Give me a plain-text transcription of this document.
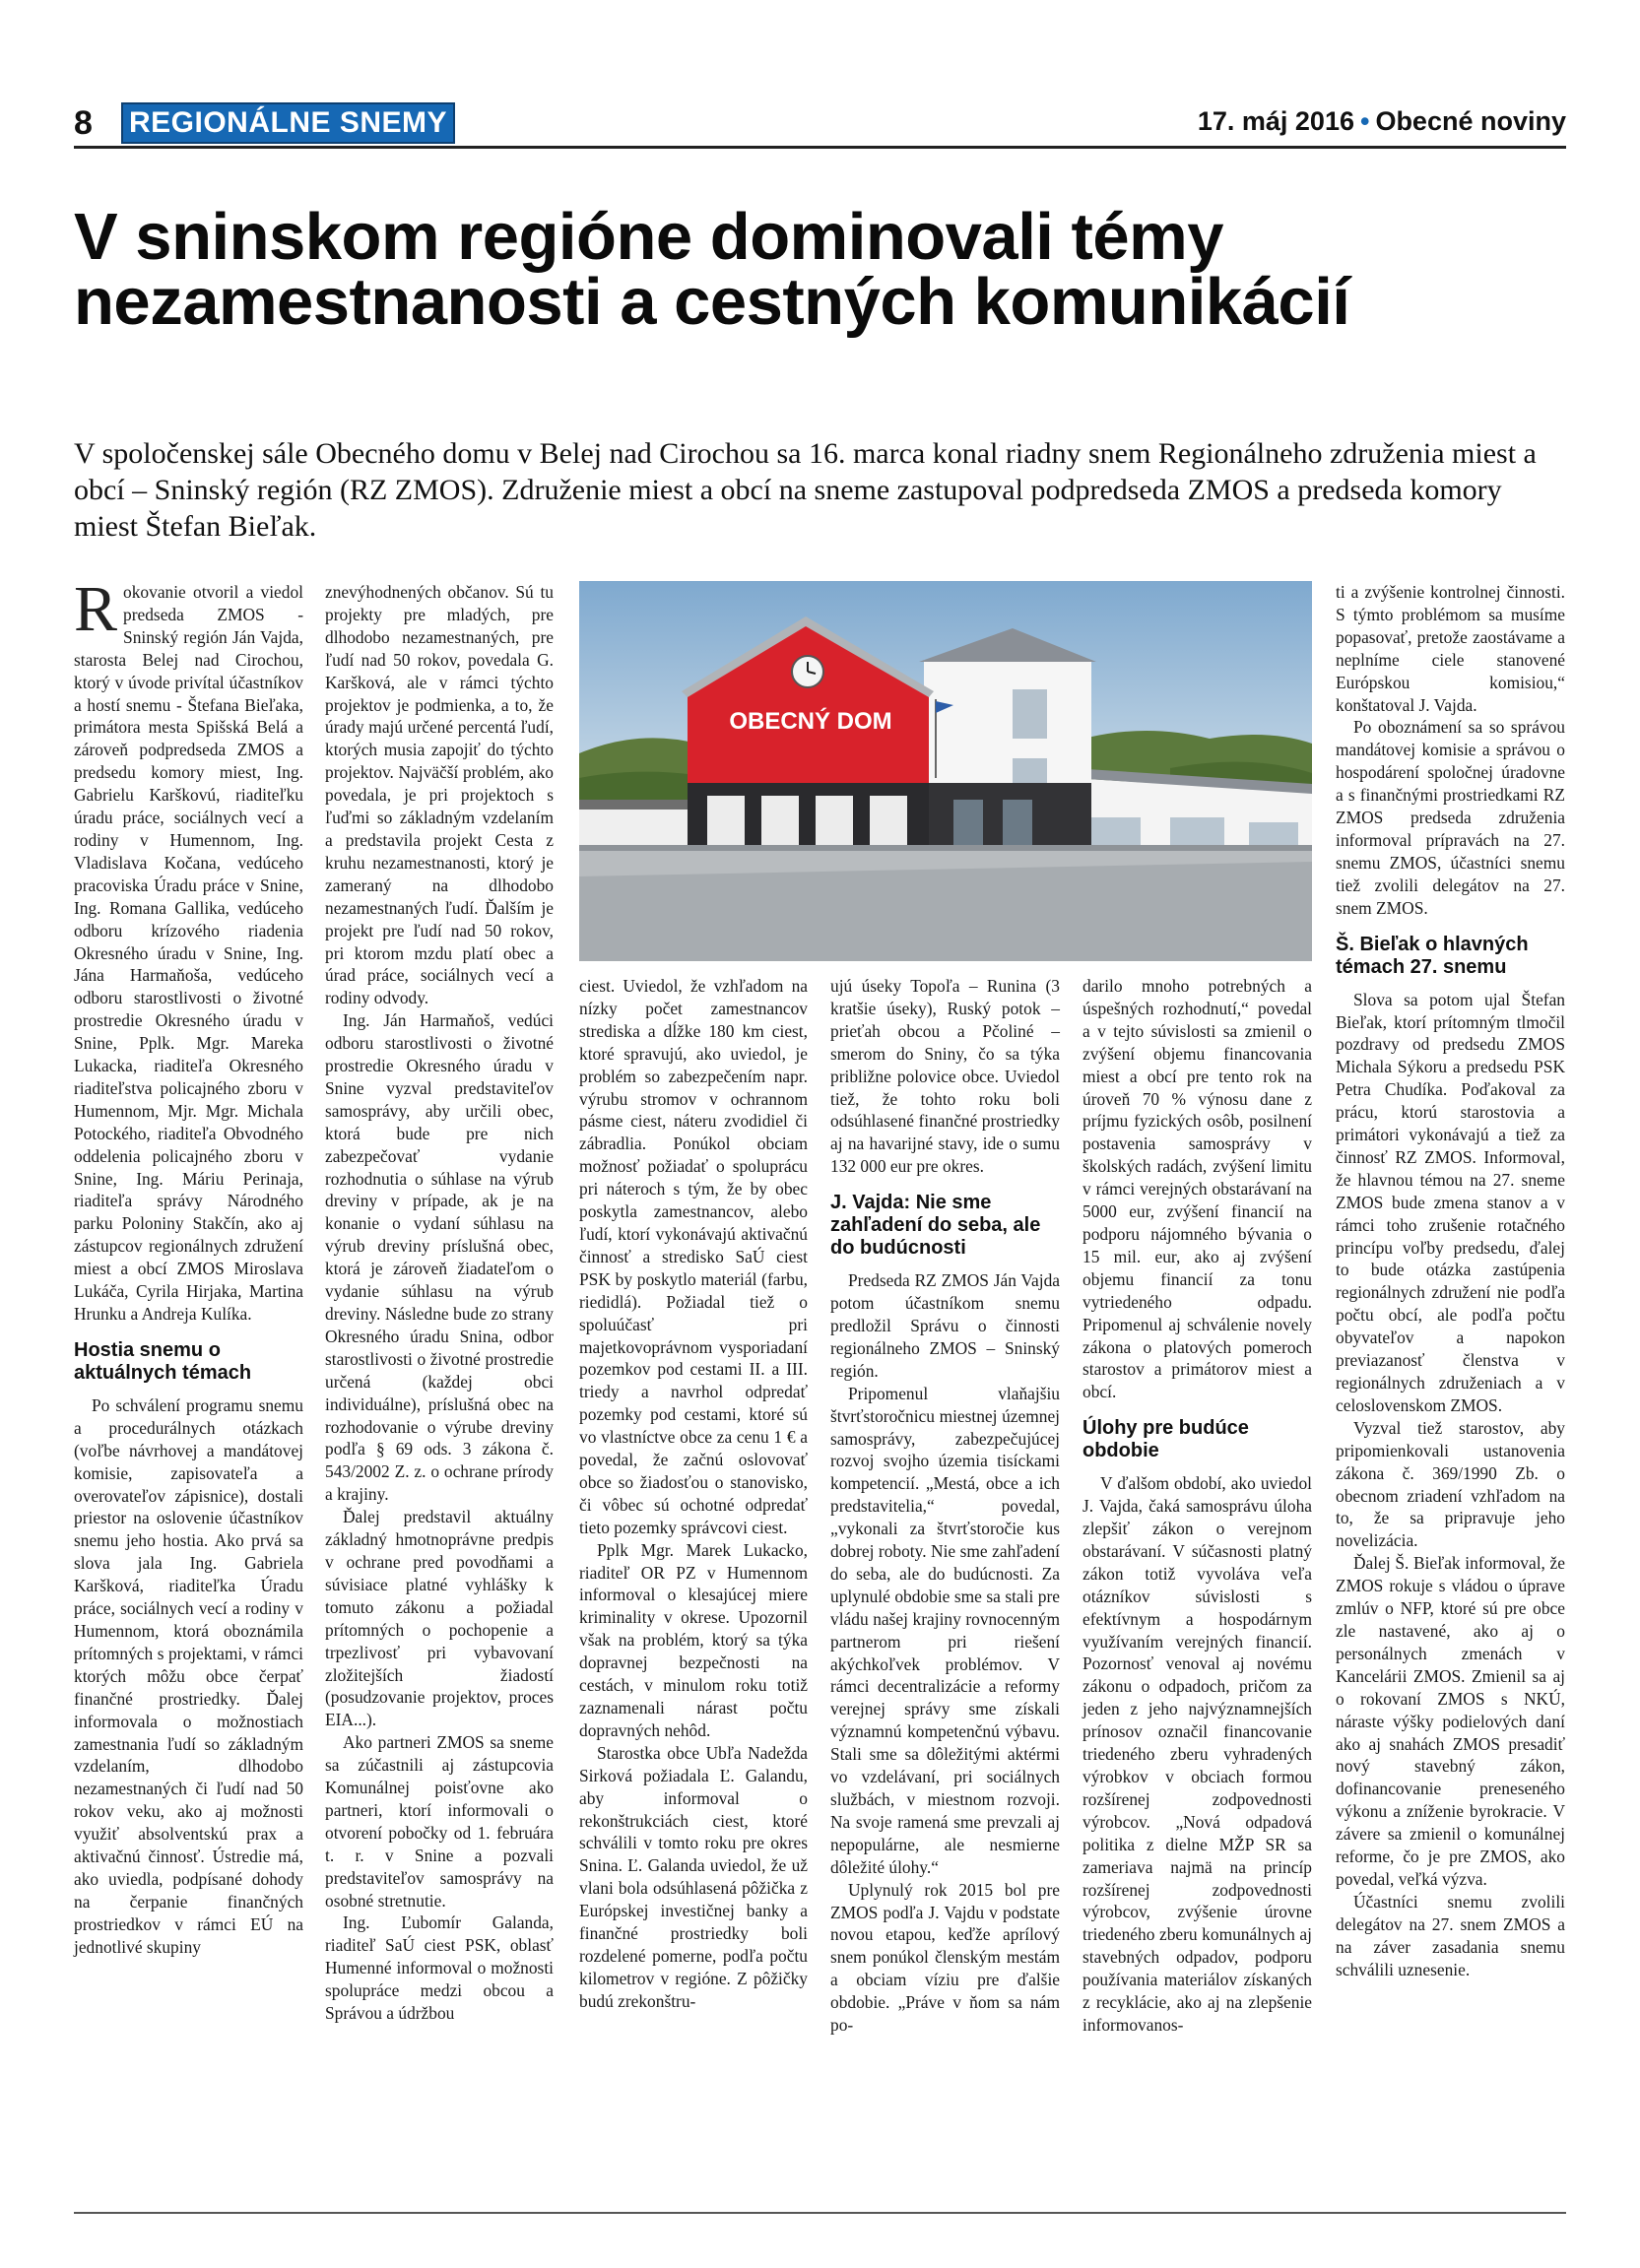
8 REGIONÁLNE SNEMY	17. máj 2016 • Obecné noviny
V sninskom regióne dominovali témy nezamestnanosti a cestných komunikácií

V spoločenskej sále Obecného domu v Belej nad Cirochou sa 16. marca konal riadny snem Regionálneho združenia miest a obcí – Sninský región (RZ ZMOS). Združenie miest a obcí na sneme zastupoval podpredseda ZMOS a predseda komory miest Štefan Bieľak.

R okovanie otvoril a viedol predseda ZMOS - Sninský región Ján Vajda, starosta Belej nad Cirochou, ktorý v úvode privítal účastníkov a hostí snemu - Štefana Bieľaka, primátora mesta Spišská Belá a zároveň podpredseda ZMOS a predsedu komory miest, Ing. Gabrielu Karškovú, riaditeľku úradu práce, sociálnych vecí a rodiny v Humennom, Ing. Vladislava Kočana, vedúceho pracoviska Úradu práce v Snine, Ing. Romana Gallika, vedúceho odboru krízového riadenia Okresného úradu v Snine, Ing. Jána Harmaňoša, vedúceho odboru starostlivosti o životné prostredie Okresného úradu v Snine, Pplk. Mgr. Mareka Lukacka, riaditeľa Okresného riaditeľstva policajného zboru v Humennom, Mjr. Mgr. Michala Potockého, riaditeľa Obvodného oddelenia policajného zboru v Snine, Ing. Máriu Perinaja, riaditeľa správy Národného parku Poloniny Stakčín, ako aj zástupcov regionálnych združení miest a obcí ZMOS Miroslava Lukáča, Cyrila Hirjaka, Martina Hrunku a Andreja Kulíka.

Hostia snemu o aktuálnych témach

Po schválení programu snemu a procedurálnych otázkach (voľbe návrhovej a mandátovej komisie, zapisovateľa a overovateľov zápisnice), dostali priestor na oslovenie účastníkov snemu jeho hostia. Ako prvá sa slova jala Ing. Gabriela Karšková, riaditeľka Úradu práce, sociálnych vecí a rodiny v Humennom, ktorá oboznámila prítomných s projektami, v rámci ktorých môžu obce čerpať finančné prostriedky. Ďalej informovala o možnostiach zamestnania ľudí so základným vzdelaním, dlhodobo nezamestnaných či ľudí nad 50 rokov veku, ako aj možnosti využiť absolventskú prax a aktivačnú činnosť. Ústredie má, ako uviedla, podpísané dohody na čerpanie finančných prostriedkov v rámci EÚ na jednotlivé skupiny

znevýhodnených občanov. Sú tu projekty pre mladých, pre dlhodobo nezamestnaných, pre ľudí nad 50 rokov, povedala G. Karšková, ale v rámci týchto projektov je podmienka, a to, že úrady majú určené percentá ľudí, ktorých musia zapojiť do týchto projektov. Najväčší problém, ako povedala, je pri projektoch s ľuďmi so základným vzdelaním a predstavila projekt Cesta z kruhu nezamestnanosti, ktorý je zameraný na dlhodobo nezamestnaných ľudí. Ďalším je projekt pre ľudí nad 50 rokov, pri ktorom mzdu platí obec a úrad práce, sociálnych vecí a rodiny odvody.

Ing. Ján Harmaňoš, vedúci odboru starostlivosti o životné prostredie Okresného úradu v Snine vyzval predstaviteľov samosprávy, aby určili obec, ktorá bude pre nich zabezpečovať vydanie rozhodnutia o súhlase na výrub dreviny v prípade, ak je na konanie o vydaní súhlasu na výrub dreviny príslušná obec, ktorá je zároveň žiadateľom o vydanie súhlasu na výrub dreviny. Následne bude zo strany Okresného úradu Snina, odbor starostlivosti o životné prostredie určená (každej obci individuálne), príslušná obec na rozhodovanie o výrube dreviny podľa § 69 ods. 3 zákona č. 543/2002 Z. z. o ochrane prírody a krajiny.

Ďalej predstavil aktuálny základný hmotnoprávne predpis v ochrane pred povodňami a súvisiace platné vyhlášky k tomuto zákonu a požiadal prítomných o pochopenie a trpezlivosť pri vybavovaní zložitejších žiadostí (posudzovanie projektov, proces EIA...).

Ako partneri ZMOS sa sneme sa zúčastnili aj zástupcovia Komunálnej poisťovne ako partneri, ktorí informovali o otvorení pobočky od 1. februára t. r. v Snine a pozvali predstaviteľov samosprávy na osobné stretnutie.

Ing. Ľubomír Galanda, riaditeľ SaÚ ciest PSK, oblasť Humenné informoval o možnosti spolupráce medzi obcou a Správou a údržbou

OBECNÝ DOM

ciest. Uviedol, že vzhľadom na nízky počet zamestnancov strediska a dĺžke 180 km ciest, ktoré spravujú, ako uviedol, je problém so zabezpečením napr. výrubu stromov v ochrannom pásme ciest, náteru zvodidiel či zábradlia. Ponúkol obciam možnosť požiadať o spoluprácu pri náteroch s tým, že by obec poskytla zamestnancov, alebo ľudí, ktorí vykonávajú aktivačnú činnosť a stredisko SaÚ ciest PSK by poskytlo materiál (farbu, riedidlá). Požiadal tiež o spoluúčasť pri majetkovoprávnom vysporiadaní pozemkov pod cestami II. a III. triedy a navrhol odpredať pozemky pod cestami, ktoré sú vo vlastníctve obce za cenu 1 € a povedal, že začnú oslovovať obce so žiadosťou o stanovisko, či vôbec sú ochotné odpredať tieto pozemky správcovi ciest.

Pplk Mgr. Marek Lukacko, riaditeľ OR PZ v Humennom informoval o klesajúcej miere kriminality v okrese. Upozornil však na problém, ktorý sa týka dopravnej bezpečnosti na cestách, v minulom roku totiž zaznamenali nárast počtu dopravných nehôd.

Starostka obce Ubľa Nadežda Sirková požiadala Ľ. Galandu, aby informoval o rekonštrukciách ciest, ktoré schválili v tomto roku pre okres Snina. Ľ. Galanda uviedol, že už vlani bola odsúhlasená pôžička z Európskej investičnej banky a finančné prostriedky boli rozdelené pomerne, podľa počtu kilometrov v regióne. Z pôžičky budú zrekonštru-

ujú úseky Topoľa – Runina (3 kratšie úseky), Ruský potok – prieťah obcou a Pčoliné – smerom do Sniny, čo sa týka približne polovice obce. Uviedol tiež, že tohto roku boli odsúhlasené finančné prostriedky aj na havarijné stavy, ide o sumu 132 000 eur pre okres.

J. Vajda: Nie sme zahľadení do seba, ale do budúcnosti

Predseda RZ ZMOS Ján Vajda potom účastníkom snemu predložil Správu o činnosti regionálneho ZMOS – Sninský región.

Pripomenul vlaňajšiu štvrťstoročnicu miestnej územnej samosprávy, zabezpečujúcej rozvoj svojho územia tisíckami kompetencií. „Mestá, obce a ich predstavitelia,“ povedal, „vykonali za štvrťstoročie kus dobrej roboty. Nie sme zahľadení do seba, ale do budúcnosti. Za uplynulé obdobie sme sa stali pre vládu našej krajiny rovnocenným partnerom pri riešení akýchkoľvek problémov. V rámci decentralizácie a reformy verejnej správy sme získali významnú kompetenčnú výbavu. Stali sme sa dôležitými aktérmi vo vzdelávaní, pri sociálnych službách, v miestnom rozvoji. Na svoje ramená sme prevzali aj nepopulárne, ale nesmierne dôležité úlohy.“

Uplynulý rok 2015 bol pre ZMOS podľa J. Vajdu v podstate novou etapou, keďže aprílový snem ponúkol členským mestám a obciam víziu pre ďalšie obdobie. „Práve v ňom sa nám po-

darilo mnoho potrebných a úspešných rozhodnutí,“ povedal a v tejto súvislosti sa zmienil o zvýšení objemu financovania miest a obcí pre tento rok na úroveň 70 % výnosu dane z príjmu fyzických osôb, posilnení postavenia samosprávy v školských radách, zvýšení limitu v rámci verejných obstarávaní na 5000 eur, zvýšení financií na podporu nájomného bývania o 15 mil. eur, ako aj zvýšení objemu financií za tonu vytriedeného odpadu. Pripomenul aj schválenie novely zákona o platových pomeroch starostov a primátorov miest a obcí.

Úlohy pre budúce obdobie

V ďalšom období, ako uviedol J. Vajda, čaká samosprávu úloha zlepšiť zákon o verejnom obstarávaní. V súčasnosti platný zákon totiž vyvoláva veľa otázníkov súvislosti s efektívnym a hospodárnym využívaním verejných financií. Pozornosť venoval aj novému zákonu o odpadoch, pričom za jeden z jeho najvýznamnejších prínosov označil financovanie triedeného zberu vyhradených výrobkov v obciach formou rozšírenej zodpovednosti výrobcov. „Nová odpadová politika z dielne MŽP SR sa zameriava najmä na princíp rozšírenej zodpovednosti výrobcov, zvýšenie úrovne triedeného zberu komunálnych aj stavebných odpadov, podporu používania materiálov získaných z recyklácie, ako aj na zlepšenie informovanos-

ti a zvýšenie kontrolnej činnosti. S týmto problémom sa musíme popasovať, pretože zaostávame a neplníme ciele stanovené Európskou komisiou,“ konštatoval J. Vajda.

Po oboznámení sa so správou mandátovej komisie a správou o hospodárení spoločnej úradovne a s finančnými prostriedkami RZ ZMOS predseda združenia informoval prípravách na 27. snemu ZMOS, účastníci snemu tiež zvolili delegátov na 27. snem ZMOS.

Š. Bieľak o hlavných témach 27. snemu

Slova sa potom ujal Štefan Bieľak, ktorí prítomným tlmočil pozdravy od predsedu ZMOS Michala Sýkoru a predsedu PSK Petra Chudíka. Poďakoval za prácu, ktorú starostovia a primátori vykonávajú a tiež za činnosť RZ ZMOS. Informoval, že hlavnou témou na 27. sneme ZMOS bude zmena stanov a v rámci toho zrušenie rotačného princípu voľby predsedu, ďalej to bude otázka zastúpenia regionálnych združení nie podľa počtu obcí, ale podľa počtu obyvateľov a napokon previazanosť členstva v regionálnych združeniach a v celoslovenskom ZMOS.

Vyzval tiež starostov, aby pripomienkovali ustanovenia zákona č. 369/1990 Zb. o obecnom zriadení vzhľadom na to, že sa pripravuje jeho novelizácia.

Ďalej Š. Bieľak informoval, že ZMOS rokuje s vládou o úprave zmlúv o NFP, ktoré sú pre obce zle nastavené, ako aj o personálnych zmenách v Kancelárii ZMOS. Zmienil sa aj o rokovaní ZMOS s NKÚ, náraste výšky podielových daní ako aj snahách ZMOS presadiť nový stavebný zákon, dofinancovanie preneseného výkonu a zníženie byrokracie. V závere sa zmienil o komunálnej reforme, čo je pre ZMOS, ako povedal, veľká výzva.

Účastníci snemu zvolili delegátov na 27. snem ZMOS a na záver zasadania snemu schválili uznesenie.
